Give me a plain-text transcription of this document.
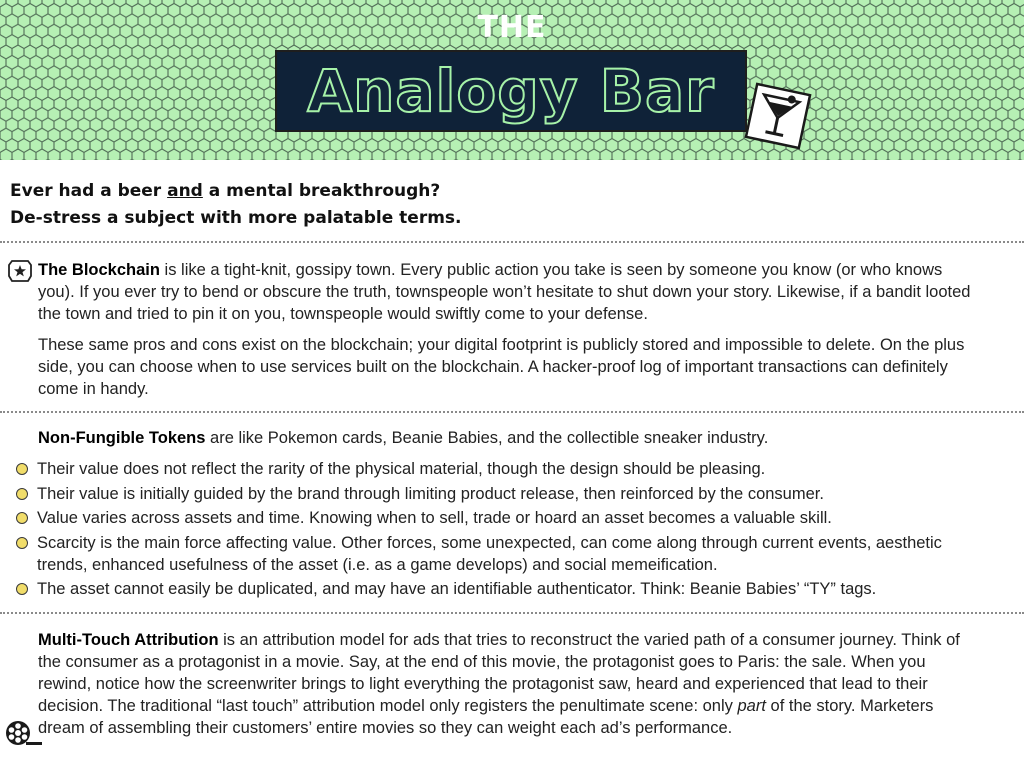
THE
Analogy Bar
Ever had a beer and a mental breakthrough?
De-stress a subject with more palatable terms.

The Blockchain is like a tight-knit, gossipy town. Every public action you take is seen by someone you know (or who knows you). If you ever try to bend or obscure the truth, townspeople won’t hesitate to shut down your story. Likewise, if a bandit looted the town and tried to pin it on you, townspeople would swiftly come to your defense.

These same pros and cons exist on the blockchain; your digital footprint is publicly stored and impossible to delete. On the plus side, you can choose when to use services built on the blockchain. A hacker-proof log of important transactions can definitely come in handy.

Non-Fungible Tokens are like Pokemon cards, Beanie Babies, and the collectible sneaker industry.

Their value does not reflect the rarity of the physical material, though the design should be pleasing.
Their value is initially guided by the brand through limiting product release, then reinforced by the consumer.
Value varies across assets and time. Knowing when to sell, trade or hoard an asset becomes a valuable skill.
Scarcity is the main force affecting value. Other forces, some unexpected, can come along through current events, aesthetic trends, enhanced usefulness of the asset (i.e. as a game develops) and social memeification.
The asset cannot easily be duplicated, and may have an identifiable authenticator. Think: Beanie Babies’ “TY” tags.

Multi-Touch Attribution is an attribution model for ads that tries to reconstruct the varied path of a consumer journey. Think of the consumer as a protagonist in a movie. Say, at the end of this movie, the protagonist goes to Paris: the sale. When you rewind, notice how the screenwriter brings to light everything the protagonist saw, heard and experienced that lead to their decision. The traditional “last touch” attribution model only registers the penultimate scene: only part of the story. Marketers dream of assembling their customers’ entire movies so they can weight each ad’s performance.
